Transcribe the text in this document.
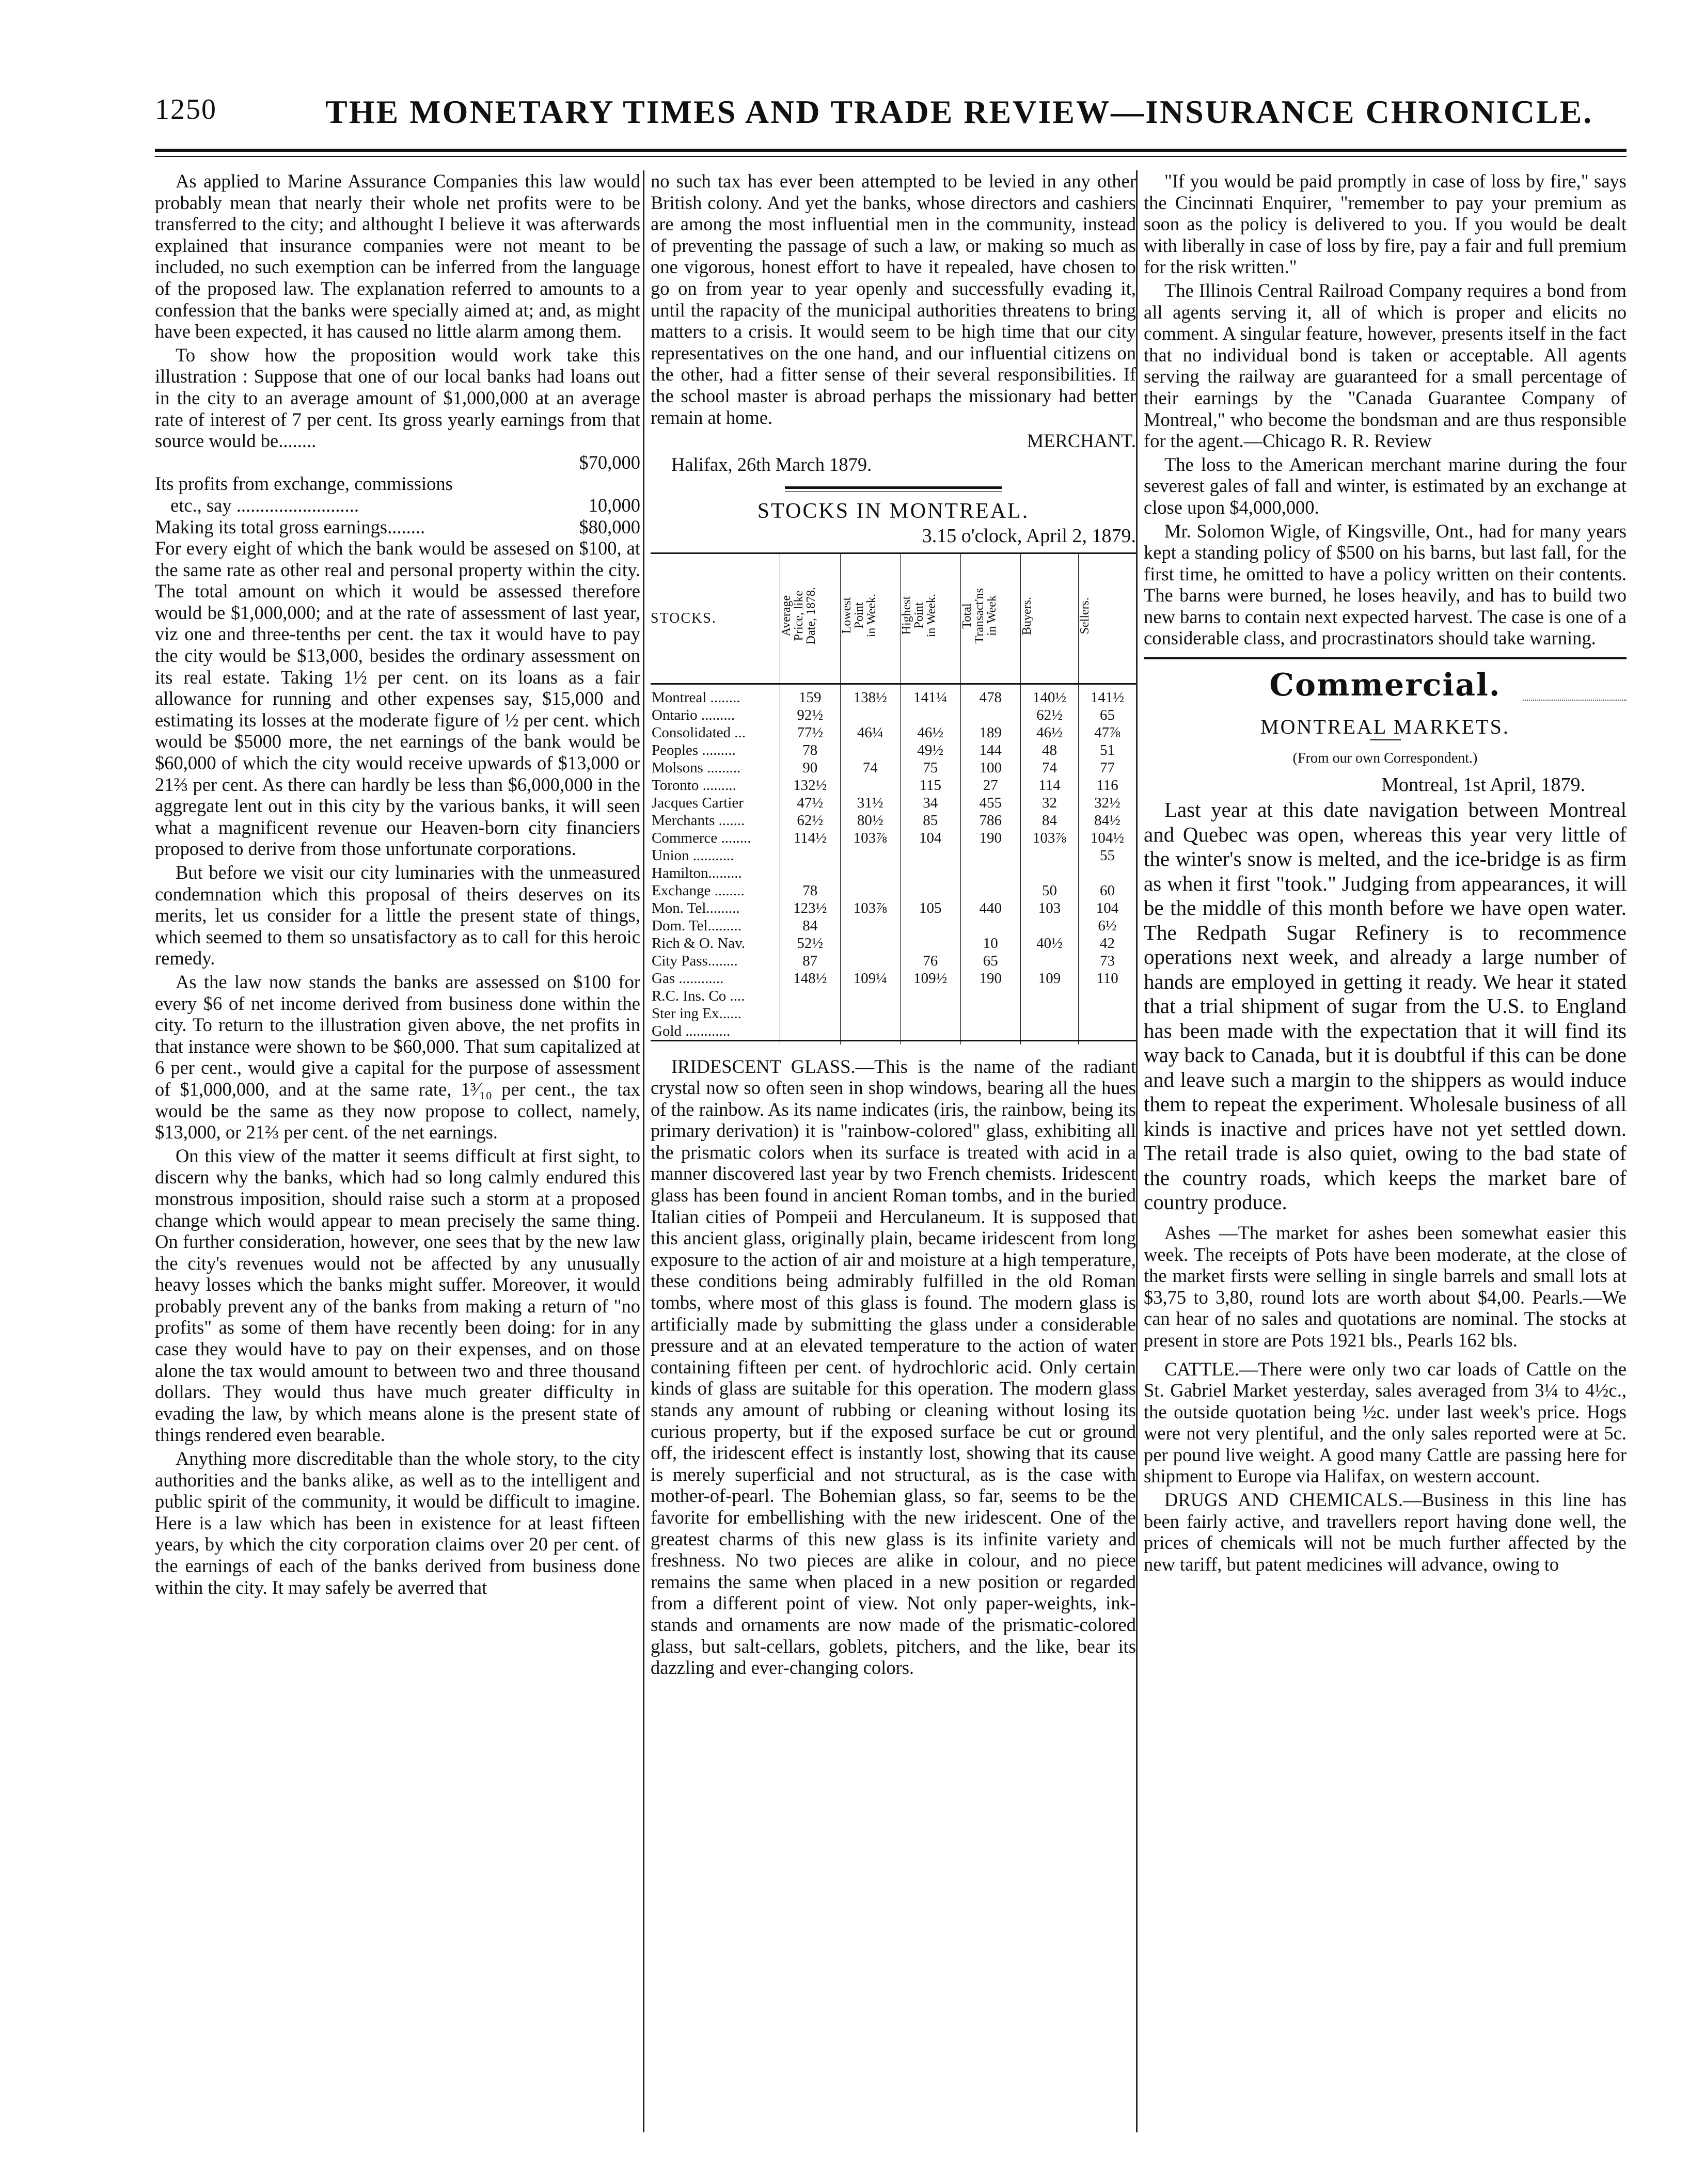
1250	THE MONETARY TIMES AND TRADE REVIEW—INSURANCE CHRONICLE.

As applied to Marine Assurance Companies this law would probably mean that nearly their whole net profits were to be transferred to the city; and althought I believe it was afterwards explained that insurance companies were not meant to be included, no such exemption can be inferred from the language of the proposed law. The explanation referred to amounts to a confession that the banks were specially aimed at; and, as might have been expected, it has caused no little alarm among them.

To show how the proposition would work take this illustration : Suppose that one of our local banks had loans out in the city to an average amount of $1,000,000 at an average rate of interest of 7 per cent. Its gross yearly earnings from that source would be........

$70,000
Its profits from exchange, commissions
etc., say ..........................	10,000
Making its total gross earnings........	$80,000

For every eight of which the bank would be assesed on $100, at the same rate as other real and personal property within the city. The total amount on which it would be assessed therefore would be $1,000,000; and at the rate of assessment of last year, viz one and three-tenths per cent. the tax it would have to pay the city would be $13,000, besides the ordinary assessment on its real estate. Taking 1½ per cent. on its loans as a fair allowance for running and other expenses say, $15,000 and estimating its losses at the moderate figure of ½ per cent. which would be $5000 more, the net earnings of the bank would be $60,000 of which the city would receive upwards of $13,000 or 21⅔ per cent. As there can hardly be less than $6,000,000 in the aggregate lent out in this city by the various banks, it will seen what a magnificent revenue our Heaven-born city financiers proposed to derive from those unfortunate corporations.

But before we visit our city luminaries with the unmeasured condemnation which this proposal of theirs deserves on its merits, let us consider for a little the present state of things, which seemed to them so unsatisfactory as to call for this heroic remedy.

As the law now stands the banks are assessed on $100 for every $6 of net income derived from business done within the city. To return to the illustration given above, the net profits in that instance were shown to be $60,000. That sum capitalized at 6 per cent., would give a capital for the purpose of assessment of $1,000,000, and at the same rate, 1³⁄₁₀ per cent., the tax would be the same as they now propose to collect, namely, $13,000, or 21⅔ per cent. of the net earnings.

On this view of the matter it seems difficult at first sight, to discern why the banks, which had so long calmly endured this monstrous imposition, should raise such a storm at a proposed change which would appear to mean precisely the same thing. On further consideration, however, one sees that by the new law the city's revenues would not be affected by any unusually heavy losses which the banks might suffer. Moreover, it would probably prevent any of the banks from making a return of "no profits" as some of them have recently been doing: for in any case they would have to pay on their expenses, and on those alone the tax would amount to between two and three thousand dollars. They would thus have much greater difficulty in evading the law, by which means alone is the present state of things rendered even bearable.

Anything more discreditable than the whole story, to the city authorities and the banks alike, as well as to the intelligent and public spirit of the community, it would be difficult to imagine. Here is a law which has been in existence for at least fifteen years, by which the city corporation claims over 20 per cent. of the earnings of each of the banks derived from business done within the city. It may safely be averred that

no such tax has ever been attempted to be levied in any other British colony. And yet the banks, whose directors and cashiers are among the most influential men in the community, instead of preventing the passage of such a law, or making so much as one vigorous, honest effort to have it repealed, have chosen to go on from year to year openly and successfully evading it, until the rapacity of the municipal authorities threatens to bring matters to a crisis. It would seem to be high time that our city representatives on the one hand, and our influential citizens on the other, had a fitter sense of their several responsibilities. If the school master is abroad perhaps the missionary had better remain at home.

MERCHANT.

Halifax, 26th March 1879.

STOCKS IN MONTREAL.
3.15 o'clock, April 2, 1879.
STOCKS.	Average
Price, like
Date, 1878.	Lowest
Point
in Week.	Highest
Point
in Week.	Total
Transact'ns
in Week	Buyers.	Sellers.
Montreal ........	159	138½	141¼	478	140½	141½
Ontario .........	92½				62½	65
Consolidated ...	77½	46¼	46½	189	46½	47⅞
Peoples .........	78		49½	144	48	51
Molsons .........	90	74	75	100	74	77
Toronto .........	132½		115	27	114	116
Jacques Cartier	47½	31½	34	455	32	32½
Merchants .......	62½	80½	85	786	84	84½
Commerce ........	114½	103⅞	104	190	103⅞	104½
Union ...........						55
Hamilton.........						
Exchange ........	78				50	60
Mon. Tel.........	123½	103⅞	105	440	103	104
Dom. Tel.........	84					6½
Rich & O. Nav.	52½			10	40½	42
City Pass........	87		76	65		73
Gas ............	148½	109¼	109½	190	109	110
R.C. Ins. Co ....						
Ster ing Ex......						
Gold ............						

IRIDESCENT GLASS.—This is the name of the radiant crystal now so often seen in shop windows, bearing all the hues of the rainbow. As its name indicates (iris, the rainbow, being its primary derivation) it is "rainbow-colored" glass, exhibiting all the prismatic colors when its surface is treated with acid in a manner discovered last year by two French chemists. Iridescent glass has been found in ancient Roman tombs, and in the buried Italian cities of Pompeii and Herculaneum. It is supposed that this ancient glass, originally plain, became iridescent from long exposure to the action of air and moisture at a high temperature, these conditions being admirably fulfilled in the old Roman tombs, where most of this glass is found. The modern glass is artificially made by submitting the glass under a considerable pressure and at an elevated temperature to the action of water containing fifteen per cent. of hydrochloric acid. Only certain kinds of glass are suitable for this operation. The modern glass stands any amount of rubbing or cleaning without losing its curious property, but if the exposed surface be cut or ground off, the iridescent effect is instantly lost, showing that its cause is merely superficial and not structural, as is the case with mother-of-pearl. The Bohemian glass, so far, seems to be the favorite for embellishing with the new iridescent. One of the greatest charms of this new glass is its infinite variety and freshness. No two pieces are alike in colour, and no piece remains the same when placed in a new position or regarded from a different point of view. Not only paper-weights, ink-stands and ornaments are now made of the prismatic-colored glass, but salt-cellars, goblets, pitchers, and the like, bear its dazzling and ever-changing colors.

"If you would be paid promptly in case of loss by fire," says the Cincinnati Enquirer, "remember to pay your premium as soon as the policy is delivered to you. If you would be dealt with liberally in case of loss by fire, pay a fair and full premium for the risk written."

The Illinois Central Railroad Company requires a bond from all agents serving it, all of which is proper and elicits no comment. A singular feature, however, presents itself in the fact that no individual bond is taken or acceptable. All agents serving the railway are guaranteed for a small percentage of their earnings by the "Canada Guarantee Company of Montreal," who become the bondsman and are thus responsible for the agent.—Chicago R. R. Review

The loss to the American merchant marine during the four severest gales of fall and winter, is estimated by an exchange at close upon $4,000,000.

Mr. Solomon Wigle, of Kingsville, Ont., had for many years kept a standing policy of $500 on his barns, but last fall, for the first time, he omitted to have a policy written on their contents. The barns were burned, he loses heavily, and has to build two new barns to contain next expected harvest. The case is one of a considerable class, and procrastinators should take warning.

Commercial.
MONTREAL MARKETS.
(From our own Correspondent.)
Montreal, 1st April, 1879.

Last year at this date navigation between Montreal and Quebec was open, whereas this year very little of the winter's snow is melted, and the ice-bridge is as firm as when it first "took." Judging from appearances, it will be the middle of this month before we have open water. The Redpath Sugar Refinery is to recommence operations next week, and already a large number of hands are employed in getting it ready. We hear it stated that a trial shipment of sugar from the U.S. to England has been made with the expectation that it will find its way back to Canada, but it is doubtful if this can be done and leave such a margin to the shippers as would induce them to repeat the experiment. Wholesale business of all kinds is inactive and prices have not yet settled down. The retail trade is also quiet, owing to the bad state of the country roads, which keeps the market bare of country produce.

Ashes —The market for ashes been somewhat easier this week. The receipts of Pots have been moderate, at the close of the market firsts were selling in single barrels and small lots at $3,75 to 3,80, round lots are worth about $4,00. Pearls.—We can hear of no sales and quotations are nominal. The stocks at present in store are Pots 1921 bls., Pearls 162 bls.

CATTLE.—There were only two car loads of Cattle on the St. Gabriel Market yesterday, sales averaged from 3¼ to 4½c., the outside quotation being ½c. under last week's price. Hogs were not very plentiful, and the only sales reported were at 5c. per pound live weight. A good many Cattle are passing here for shipment to Europe via Halifax, on western account.

DRUGS AND CHEMICALS.—Business in this line has been fairly active, and travellers report having done well, the prices of chemicals will not be much further affected by the new tariff, but patent medicines will advance, owing to
